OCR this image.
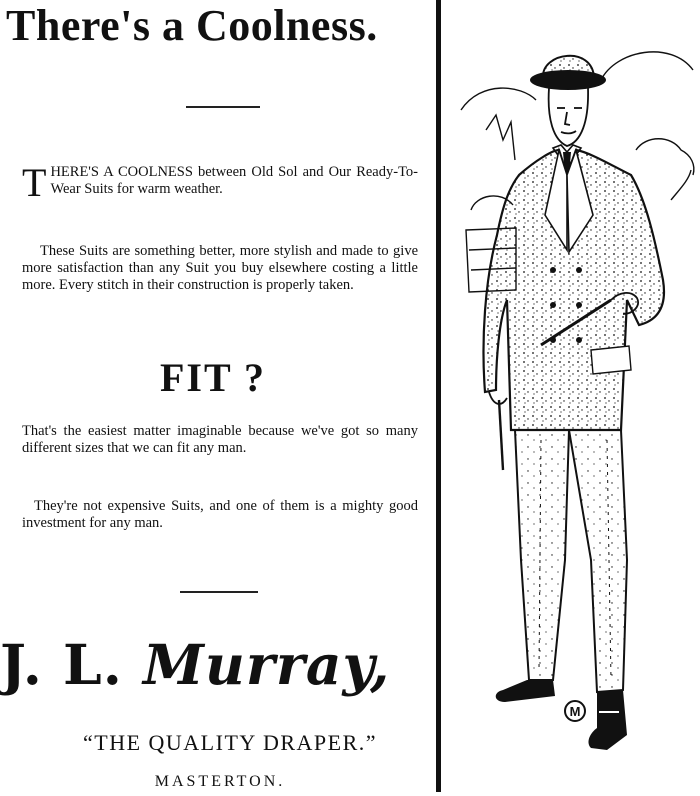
There's a Coolness.
THERE'S A COOLNESS between Old Sol and Our Ready-To-Wear Suits for warm weather.
These Suits are something better, more stylish and made to give more satisfaction than any Suit you buy elsewhere costing a little more. Every stitch in their construction is properly taken.
FIT ?
That's the easiest matter imaginable because we've got so many different sizes that we can fit any man.
They're not expensive Suits, and one of them is a mighty good investment for any man.
J. L. Murray,
“THE QUALITY DRAPER.”
MASTERTON.
M
